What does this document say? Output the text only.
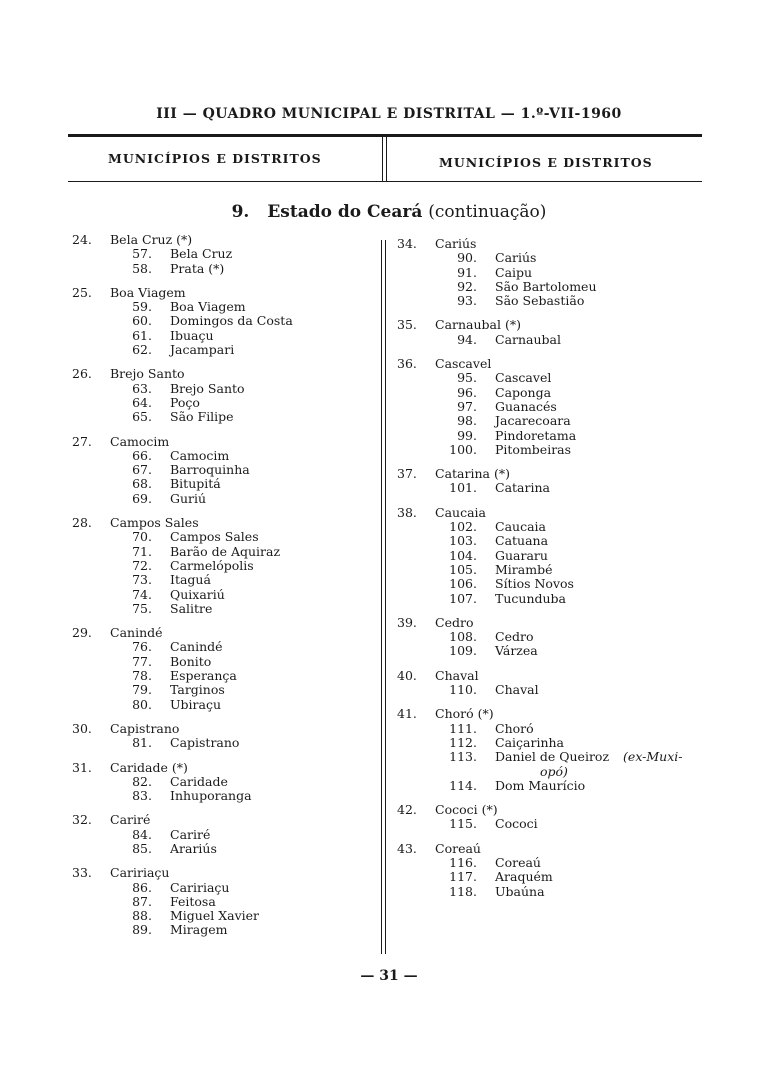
III — QUADRO MUNICIPAL E DISTRITAL — 1.º-VII-1960
MUNICÍPIOS E DISTRITOS	MUNICÍPIOS E DISTRITOS
9. Estado do Ceará (continuação)
24.	Bela Cruz (*)
57.	Bela Cruz
58.	Prata (*)
25.	Boa Viagem
59.	Boa Viagem
60.	Domingos da Costa
61.	Ibuaçu
62.	Jacampari
26.	Brejo Santo
63.	Brejo Santo
64.	Poço
65.	São Filipe
27.	Camocim
66.	Camocim
67.	Barroquinha
68.	Bitupitá
69.	Guriú
28.	Campos Sales
70.	Campos Sales
71.	Barão de Aquiraz
72.	Carmelópolis
73.	Itaguá
74.	Quixariú
75.	Salitre
29.	Canindé
76.	Canindé
77.	Bonito
78.	Esperança
79.	Targinos
80.	Ubiraçu
30.	Capistrano
81.	Capistrano
31.	Caridade (*)
82.	Caridade
83.	Inhuporanga
32.	Cariré
84.	Cariré
85.	Arariús
33.	Caririaçu
86.	Caririaçu
87.	Feitosa
88.	Miguel Xavier
89.	Miragem
34.	Cariús
90.	Cariús
91.	Caipu
92.	São Bartolomeu
93.	São Sebastião
35.	Carnaubal (*)
94.	Carnaubal
36.	Cascavel
95.	Cascavel
96.	Caponga
97.	Guanacés
98.	Jacarecoara
99.	Pindoretama
100.	Pitombeiras
37.	Catarina (*)
101.	Catarina
38.	Caucaia
102.	Caucaia
103.	Catuana
104.	Guararu
105.	Mirambé
106.	Sítios Novos
107.	Tucunduba
39.	Cedro
108.	Cedro
109.	Várzea
40.	Chaval
110.	Chaval
41.	Choró (*)
111.	Choró
112.	Caiçarinha
113.	Daniel de Queiroz (ex-Muxi-
opó)
114.	Dom Maurício
42.	Cococi (*)
115.	Cococi
43.	Coreaú
116.	Coreaú
117.	Araquém
118.	Ubaúna
— 31 —
